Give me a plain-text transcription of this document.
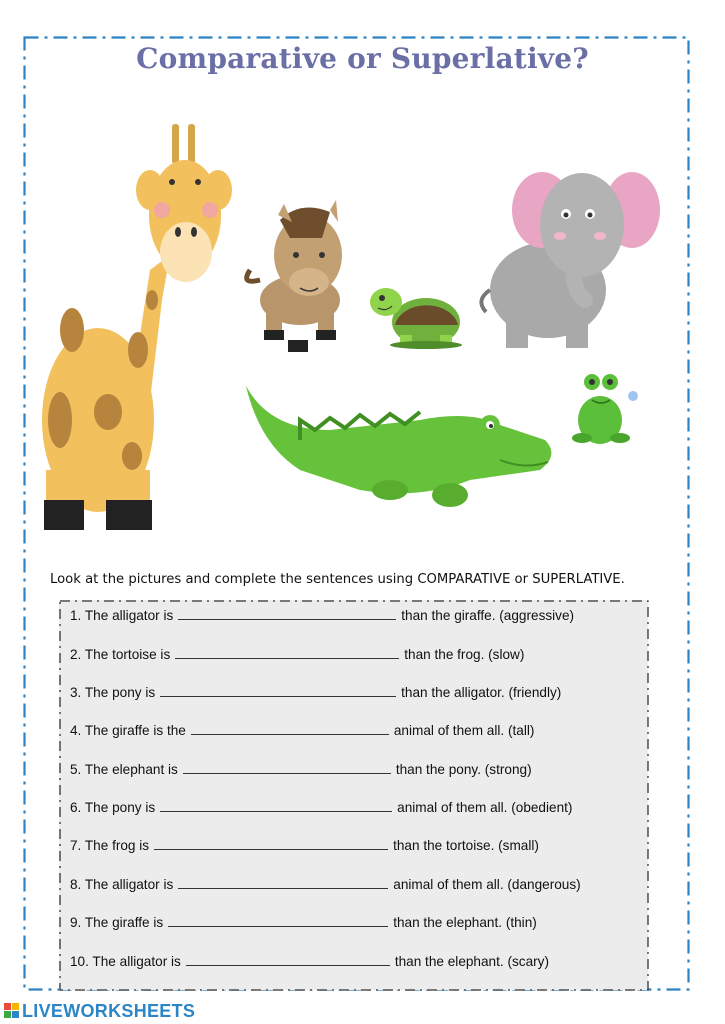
Comparative or Superlative?
Look at the pictures and complete the sentences using COMPARATIVE or SUPERLATIVE.
1. The alligator is	than the giraffe. (aggressive)
2. The tortoise is	than the frog. (slow)
3. The pony is	than the alligator. (friendly)
4. The giraffe is the	animal of them all. (tall)
5. The elephant is	than the pony. (strong)
6. The pony is	animal of them all. (obedient)
7. The frog is	than the tortoise. (small)
8. The alligator is	animal of them all. (dangerous)
9. The giraffe is	than the elephant. (thin)
10. The alligator is	than the elephant. (scary)
LIVEWORKSHEETS
